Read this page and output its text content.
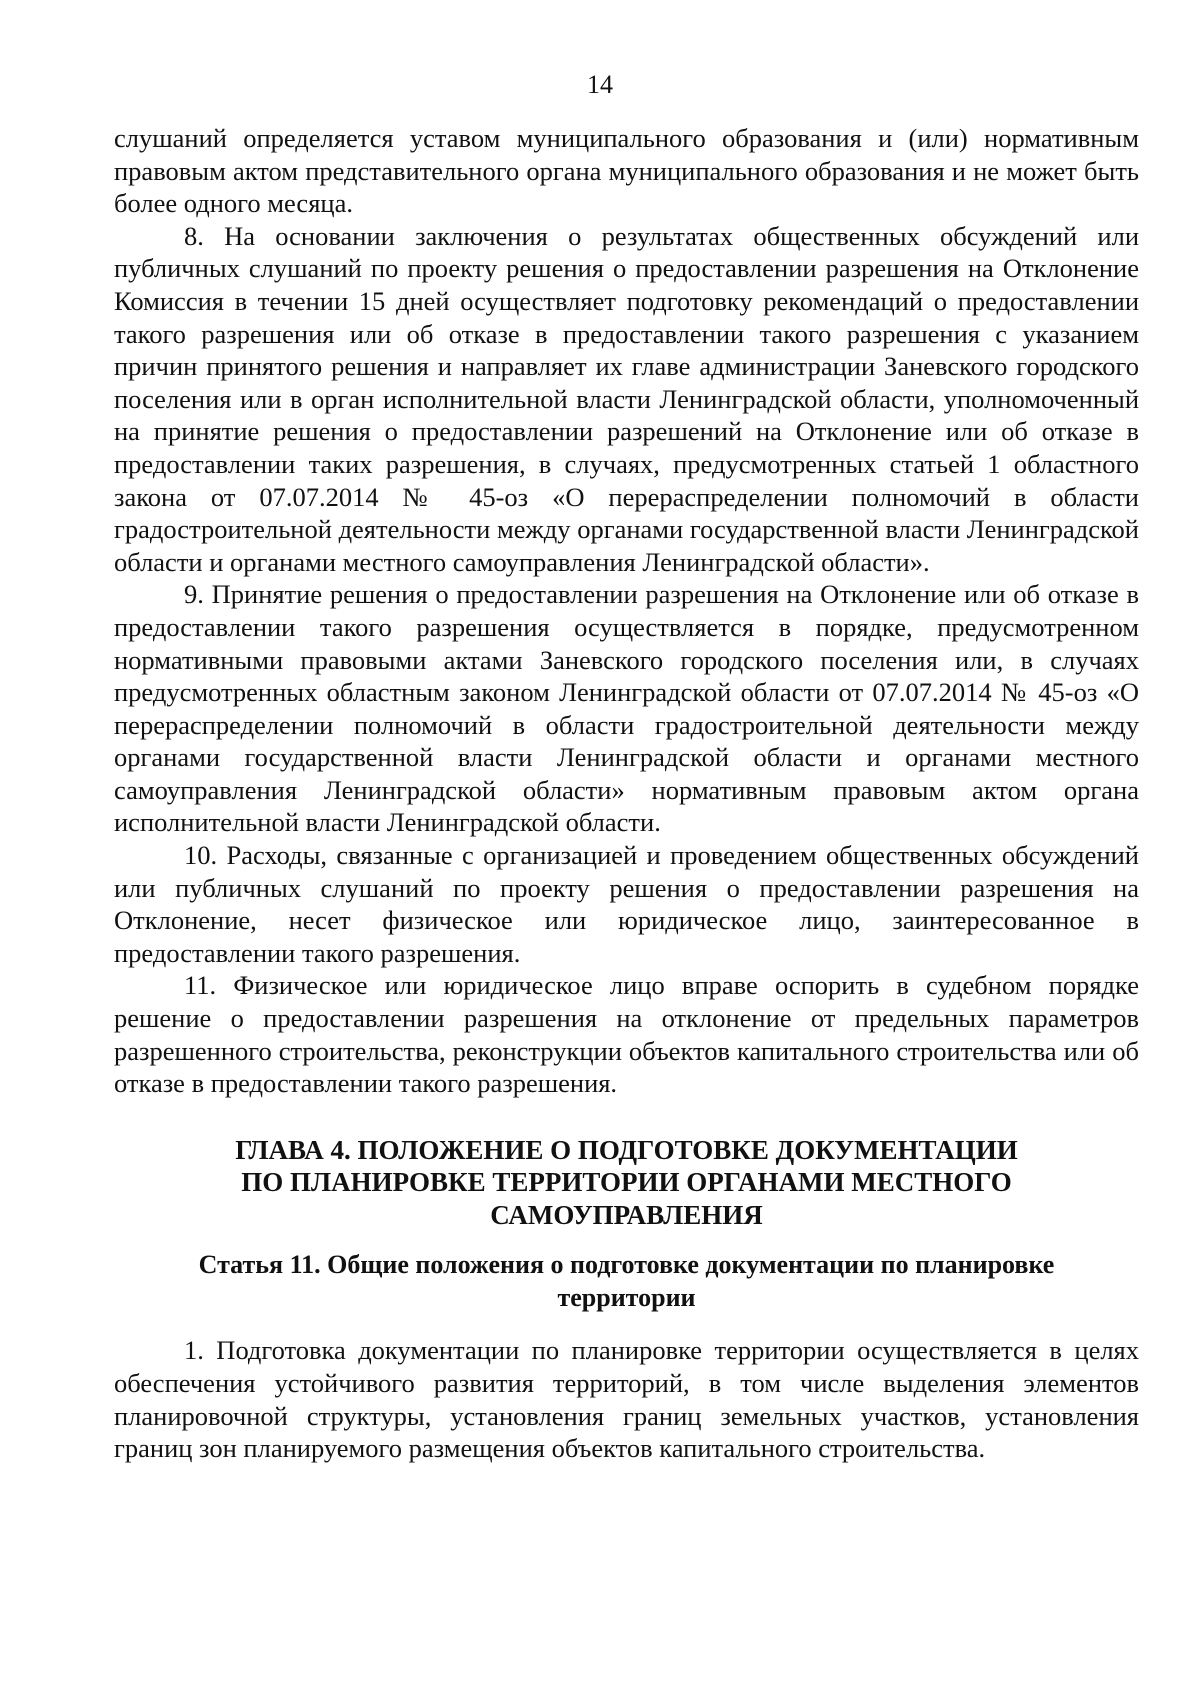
14

слушаний определяется уставом муниципального образования и (или) нормативным правовым актом представительного органа муниципального образования и не может быть более одного месяца.

8. На основании заключения о результатах общественных обсуждений или публичных слушаний по проекту решения о предоставлении разрешения на Отклонение Комиссия в течении 15 дней осуществляет подготовку рекомендаций о предоставлении такого разрешения или об отказе в предоставлении такого разрешения с указанием причин принятого решения и направляет их главе администрации Заневского городского поселения или в орган исполнительной власти Ленинградской области, уполномоченный на принятие решения о предоставлении разрешений на Отклонение или об отказе в предоставлении таких разрешения, в случаях, предусмотренных статьей 1 областного закона от 07.07.2014 № 45-оз «О перераспределении полномочий в области градостроительной деятельности между органами государственной власти Ленинградской области и органами местного самоуправления Ленинградской области».

9. Принятие решения о предоставлении разрешения на Отклонение или об отказе в предоставлении такого разрешения осуществляется в порядке, предусмотренном нормативными правовыми актами Заневского городского поселения или, в случаях предусмотренных областным законом Ленинградской области от 07.07.2014 № 45-оз «О перераспределении полномочий в области градостроительной деятельности между органами государственной власти Ленинградской области и органами местного самоуправления Ленинградской области» нормативным правовым актом органа исполнительной власти Ленинградской области.

10. Расходы, связанные с организацией и проведением общественных обсуждений или публичных слушаний по проекту решения о предоставлении разрешения на Отклонение, несет физическое или юридическое лицо, заинтересованное в предоставлении такого разрешения.

11. Физическое или юридическое лицо вправе оспорить в судебном порядке решение о предоставлении разрешения на отклонение от предельных параметров разрешенного строительства, реконструкции объектов капитального строительства или об отказе в предоставлении такого разрешения.

ГЛАВА 4. ПОЛОЖЕНИЕ О ПОДГОТОВКЕ ДОКУМЕНТАЦИИ
ПО ПЛАНИРОВКЕ ТЕРРИТОРИИ ОРГАНАМИ МЕСТНОГО
САМОУПРАВЛЕНИЯ
Статья 11. Общие положения о подготовке документации по планировке
территории

1. Подготовка документации по планировке территории осуществляется в целях обеспечения устойчивого развития территорий, в том числе выделения элементов планировочной структуры, установления границ земельных участков, установления границ зон планируемого размещения объектов капитального строительства.
